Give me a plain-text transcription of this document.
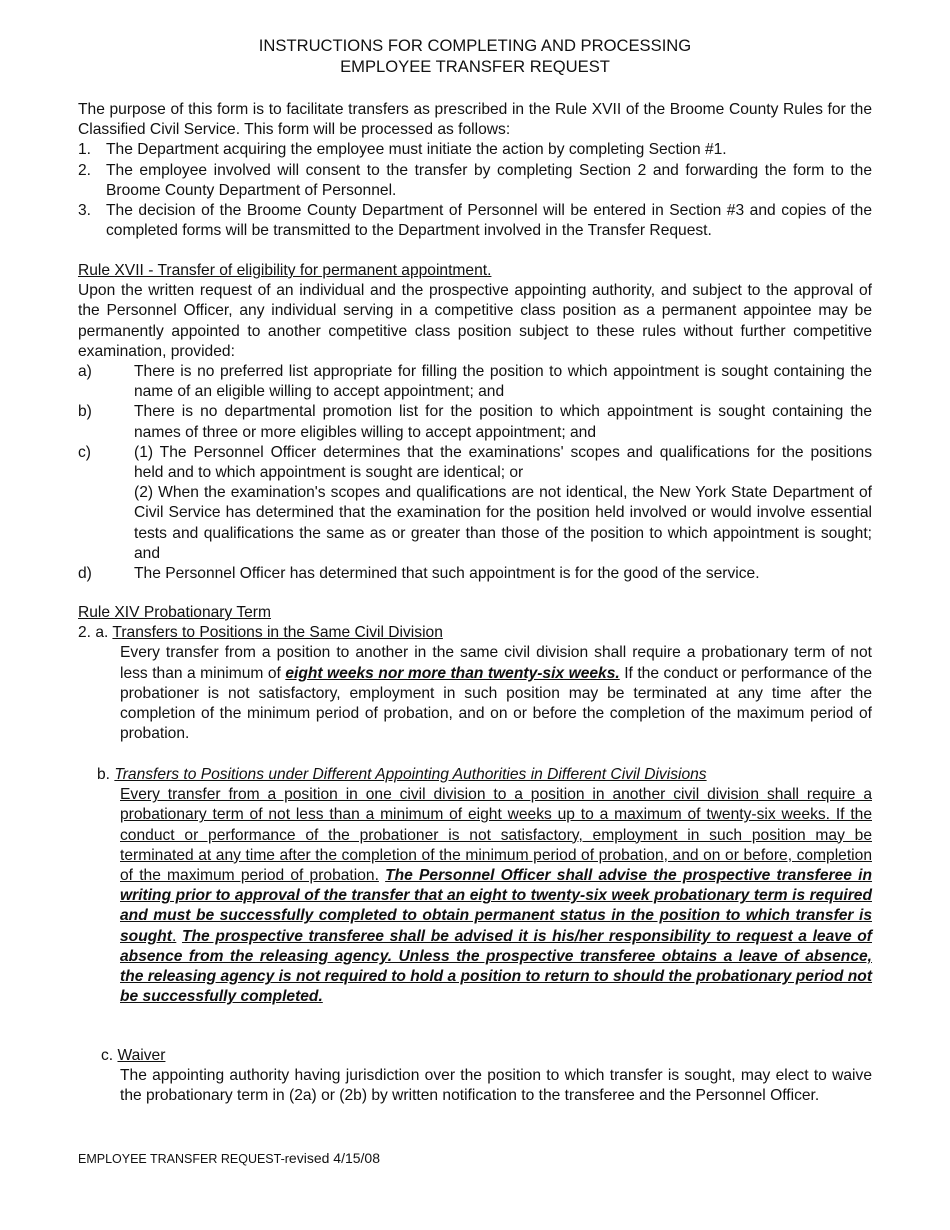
INSTRUCTIONS FOR COMPLETING AND PROCESSING
EMPLOYEE TRANSFER REQUEST
The purpose of this form is to facilitate transfers as prescribed in the Rule XVII of the Broome County Rules for the Classified Civil Service. This form will be processed as follows:
1. The Department acquiring the employee must initiate the action by completing Section #1.
2. The employee involved will consent to the transfer by completing Section 2 and forwarding the form to the Broome County Department of Personnel.
3. The decision of the Broome County Department of Personnel will be entered in Section #3 and copies of the completed forms will be transmitted to the Department involved in the Transfer Request.
Rule XVII - Transfer of eligibility for permanent appointment.
Upon the written request of an individual and the prospective appointing authority, and subject to the approval of the Personnel Officer, any individual serving in a competitive class position as a permanent appointee may be permanently appointed to another competitive class position subject to these rules without further competitive examination, provided:
a)	There is no preferred list appropriate for filling the position to which appointment is sought containing the name of an eligible willing to accept appointment; and
b)	There is no departmental promotion list for the position to which appointment is sought containing the names of three or more eligibles willing to accept appointment; and
c)	(1) The Personnel Officer determines that the examinations' scopes and qualifications for the positions held and to which appointment is sought are identical; or
(2) When the examination's scopes and qualifications are not identical, the New York State Department of Civil Service has determined that the examination for the position held involved or would involve essential tests and qualifications the same as or greater than those of the position to which appointment is sought; and
d)	The Personnel Officer has determined that such appointment is for the good of the service.
Rule XIV Probationary Term
2. a. Transfers to Positions in the Same Civil Division
Every transfer from a position to another in the same civil division shall require a probationary term of not less than a minimum of eight weeks nor more than twenty-six weeks. If the conduct or performance of the probationer is not satisfactory, employment in such position may be terminated at any time after the completion of the minimum period of probation, and on or before the completion of the maximum period of probation.
b. Transfers to Positions under Different Appointing Authorities in Different Civil Divisions
Every transfer from a position in one civil division to a position in another civil division shall require a probationary term of not less than a minimum of eight weeks up to a maximum of twenty-six weeks. If the conduct or performance of the probationer is not satisfactory, employment in such position may be terminated at any time after the completion of the minimum period of probation, and on or before, completion of the maximum period of probation. The Personnel Officer shall advise the prospective transferee in writing prior to approval of the transfer that an eight to twenty-six week probationary term is required and must be successfully completed to obtain permanent status in the position to which transfer is sought. The prospective transferee shall be advised it is his/her responsibility to request a leave of absence from the releasing agency. Unless the prospective transferee obtains a leave of absence, the releasing agency is not required to hold a position to return to should the probationary period not be successfully completed.
c. Waiver
The appointing authority having jurisdiction over the position to which transfer is sought, may elect to waive the probationary term in (2a) or (2b) by written notification to the transferee and the Personnel Officer.
EMPLOYEE TRANSFER REQUEST-revised 4/15/08
